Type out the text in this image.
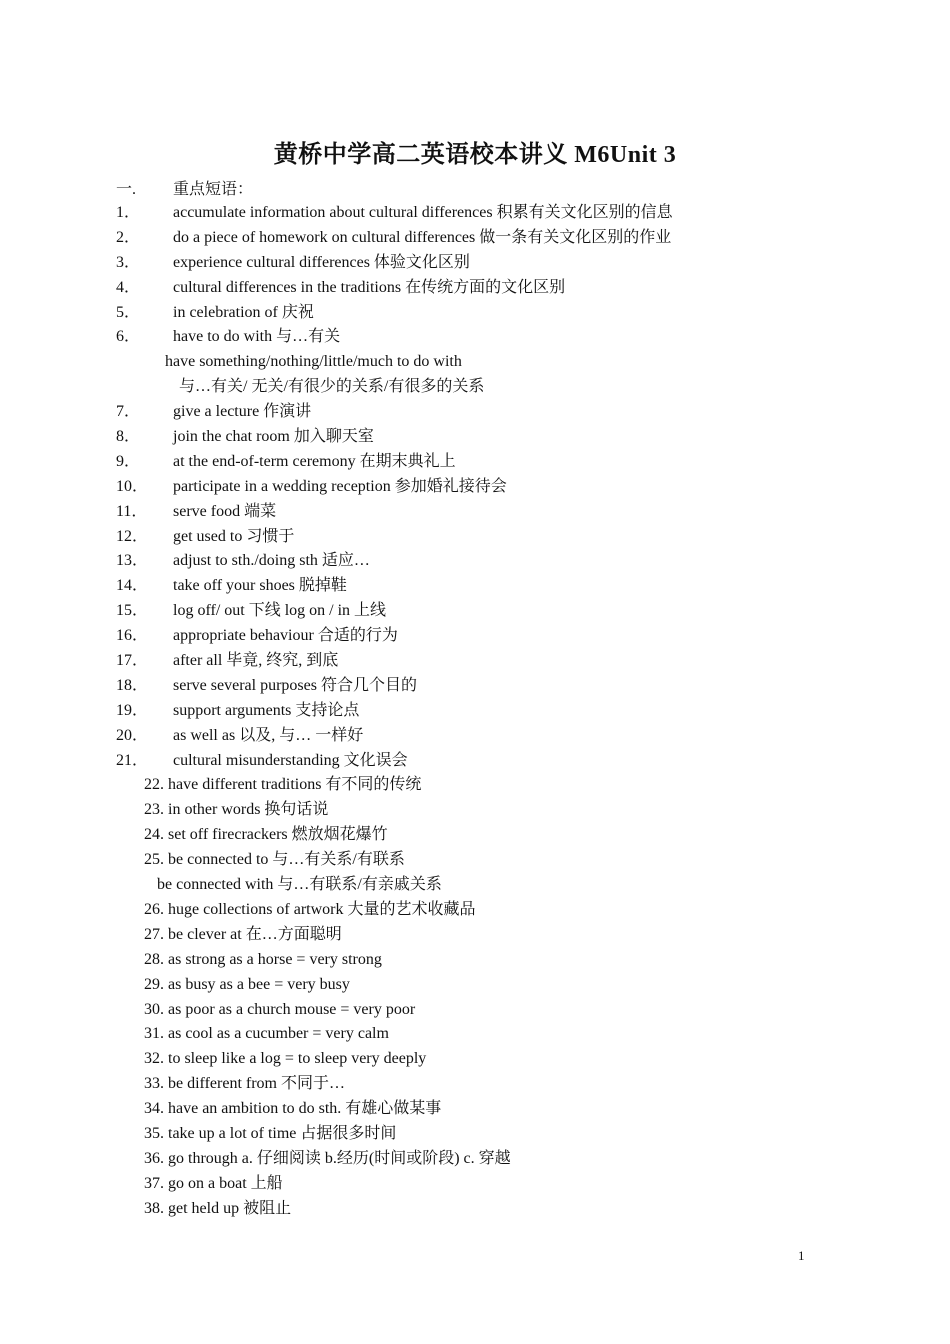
黄桥中学高二英语校本讲义 M6Unit 3
一. 重点短语：
1． accumulate information about cultural differences 积累有关文化区别的信息
2． do a piece of homework on cultural differences 做一条有关文化区别的作业
3． experience cultural differences 体验文化区别
4． cultural differences in the traditions 在传统方面的文化区别
5． in celebration of 庆祝
6． have to do with 与…有关
have something/nothing/little/much to do with
与…有关/ 无关/有很少的关系/有很多的关系
7． give a lecture 作演讲
8． join the chat room 加入聊天室
9． at the end-of-term ceremony 在期末典礼上
10． participate in a wedding reception 参加婚礼接待会
11． serve food 端菜
12． get used to 习惯于
13． adjust to sth./doing sth 适应…
14． take off your shoes 脱掉鞋
15． log off/ out 下线 log on / in 上线
16． appropriate behaviour 合适的行为
17． after all 毕竟, 终究, 到底
18． serve several purposes 符合几个目的
19． support arguments 支持论点
20． as well as 以及, 与… 一样好
21． cultural misunderstanding 文化误会
22. have different traditions 有不同的传统
23. in other words 换句话说
24. set off firecrackers 燃放烟花爆竹
25. be connected to 与…有关系/有联系
be connected with 与…有联系/有亲戚关系
26. huge collections of artwork 大量的艺术收藏品
27. be clever at 在…方面聪明
28. as strong as a horse = very strong
29. as busy as a bee = very busy
30. as poor as a church mouse = very poor
31. as cool as a cucumber = very calm
32. to sleep like a log = to sleep very deeply
33. be different from 不同于…
34. have an ambition to do sth. 有雄心做某事
35. take up a lot of time 占据很多时间
36. go through a. 仔细阅读 b.经历(时间或阶段) c. 穿越
37. go on a boat 上船
38. get held up 被阻止
1
